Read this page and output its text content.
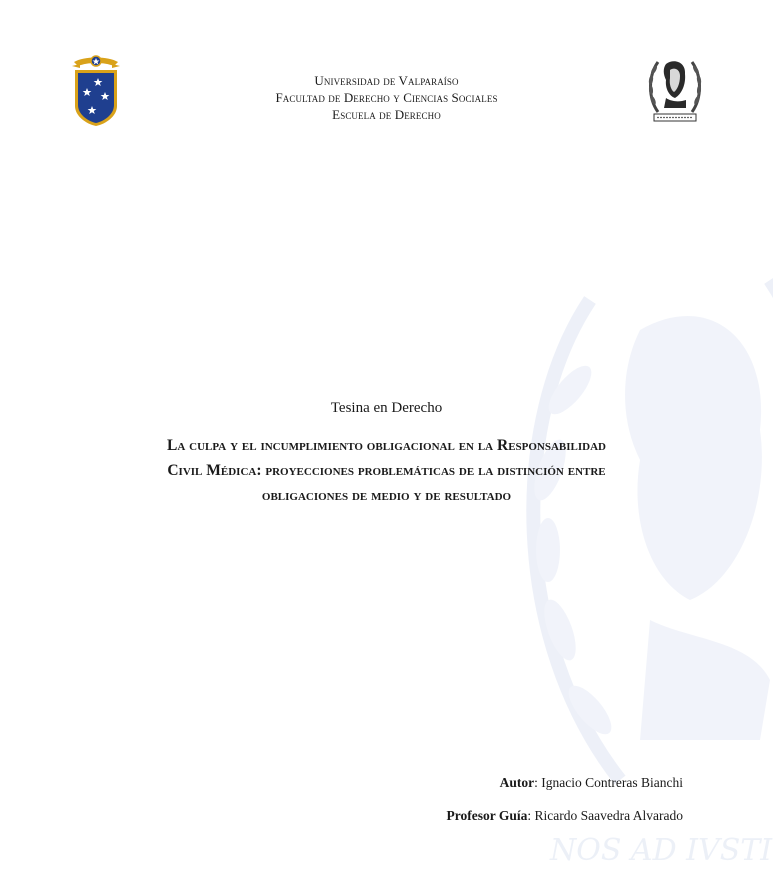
NOS AD IVSTI
Universidad de Valparaíso
Facultad de Derecho y Ciencias Sociales
Escuela de Derecho
Tesina en Derecho
La culpa y el incumplimiento obligacional en la Responsabilidad
Civil Médica: proyecciones problemáticas de la distinción entre
obligaciones de medio y de resultado
Autor: Ignacio Contreras Bianchi
Profesor Guía: Ricardo Saavedra Alvarado
